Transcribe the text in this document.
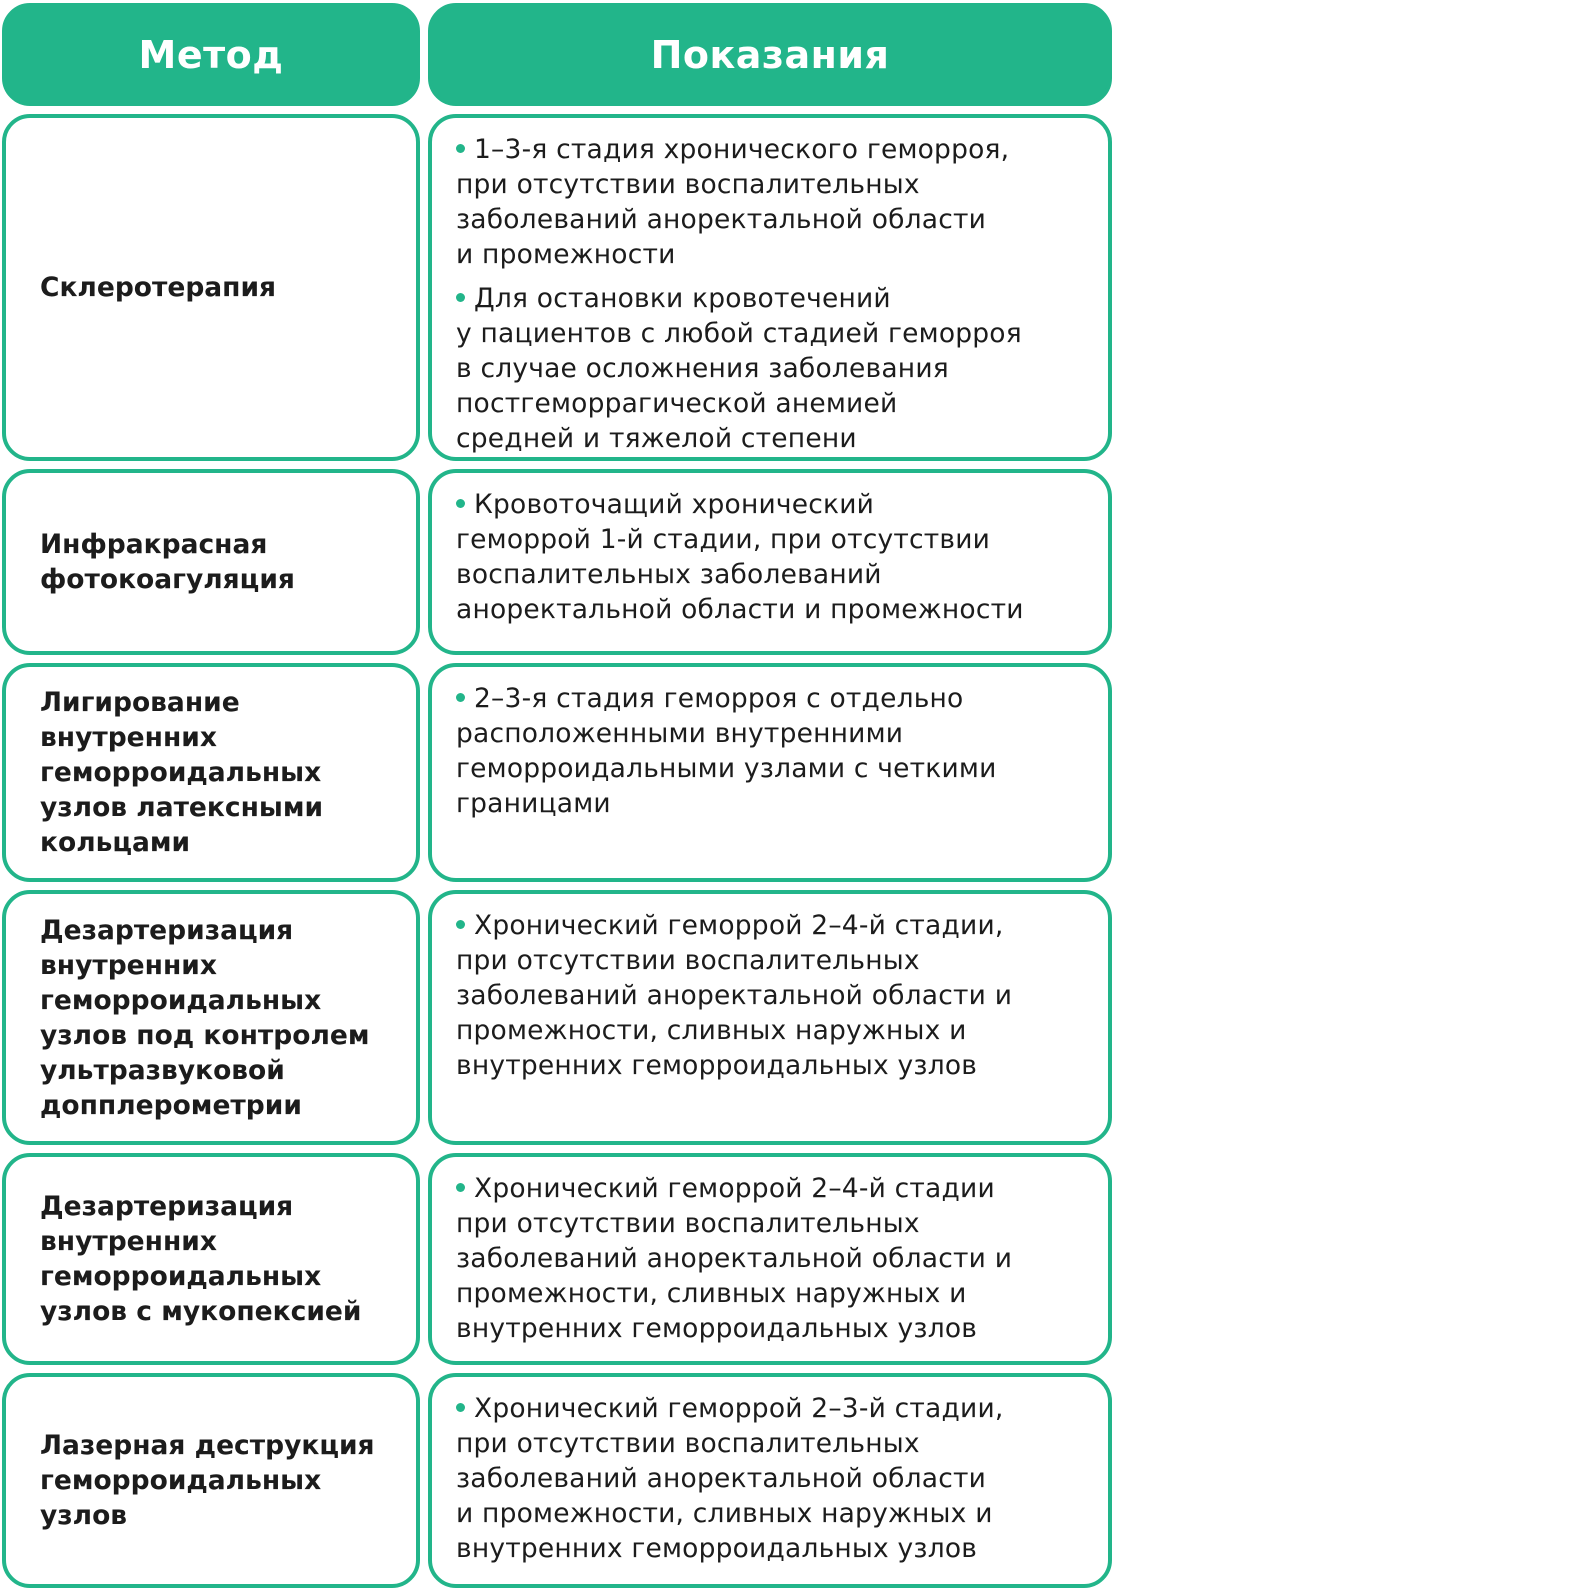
Метод	Показания
Склеротерапия
1–3-я стадия хронического геморроя,
при отсутствии воспалительных
заболеваний аноректальной области
и промежности
Для остановки кровотечений
у пациентов с любой стадией геморроя
в случае осложнения заболевания
постгеморрагической анемией
средней и тяжелой степени
Инфракрасная
фотокоагуляция
Кровоточащий хронический
геморрой 1-й стадии, при отсутствии
воспалительных заболеваний
аноректальной области и промежности
Лигирование
внутренних
геморроидальных
узлов латексными
кольцами
2–3-я стадия геморроя с отдельно
расположенными внутренними
геморроидальными узлами с четкими
границами
Дезартеризация
внутренних
геморроидальных
узлов под контролем
ультразвуковой
допплерометрии
Хронический геморрой 2–4-й стадии,
при отсутствии воспалительных
заболеваний аноректальной области и
промежности, сливных наружных и
внутренних геморроидальных узлов
Дезартеризация
внутренних
геморроидальных
узлов с мукопексией
Хронический геморрой 2–4-й стадии
при отсутствии воспалительных
заболеваний аноректальной области и
промежности, сливных наружных и
внутренних геморроидальных узлов
Лазерная деструкция
геморроидальных
узлов
Хронический геморрой 2–3-й стадии,
при отсутствии воспалительных
заболеваний аноректальной области
и промежности, сливных наружных и
внутренних геморроидальных узлов
